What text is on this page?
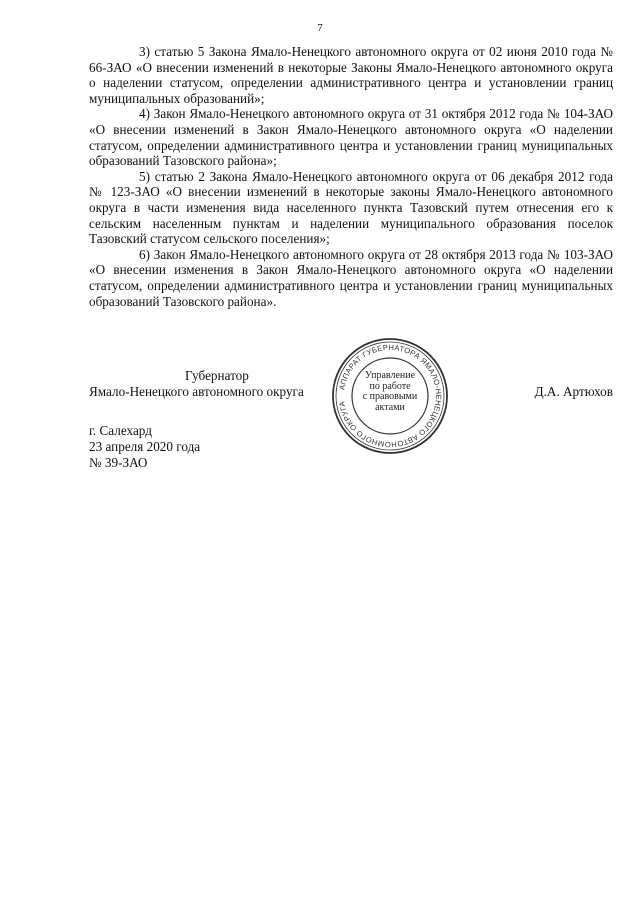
7

3) статью 5 Закона Ямало-Ненецкого автономного округа от 02 июня 2010 года № 66-ЗАО «О внесении изменений в некоторые Законы Ямало-Ненецкого автономного округа о наделении статусом, определении административного центра и установлении границ муниципальных образований»;

4) Закон Ямало-Ненецкого автономного округа от 31 октября 2012 года № 104-ЗАО «О внесении изменений в Закон Ямало-Ненецкого автономного округа «О наделении статусом, определении административного центра и установлении границ муниципальных образований Тазовского района»;

5) статью 2 Закона Ямало-Ненецкого автономного округа от 06 декабря 2012 года № 123-ЗАО «О внесении изменений в некоторые законы Ямало-Ненецкого автономного округа в части изменения вида населенного пункта Тазовский путем отнесения его к сельским населенным пунктам и наделении муниципального образования поселок Тазовский статусом сельского поселения»;

6) Закон Ямало-Ненецкого автономного округа от 28 октября 2013 года № 103-ЗАО «О внесении изменения в Закон Ямало-Ненецкого автономного округа «О наделении статусом, определении административного центра и установлении границ муниципальных образований Тазовского района».

Губернатор
Ямало-Ненецкого автономного округа	Д.А. Артюхов
АППАРАТ ГУБЕРНАТОРА ЯМАЛО-НЕНЕЦКОГО АВТОНОМНОГО ОКРУГА
Управление
по работе
с правовыми
актами
г. Салехард
23 апреля 2020 года
№ 39-ЗАО
